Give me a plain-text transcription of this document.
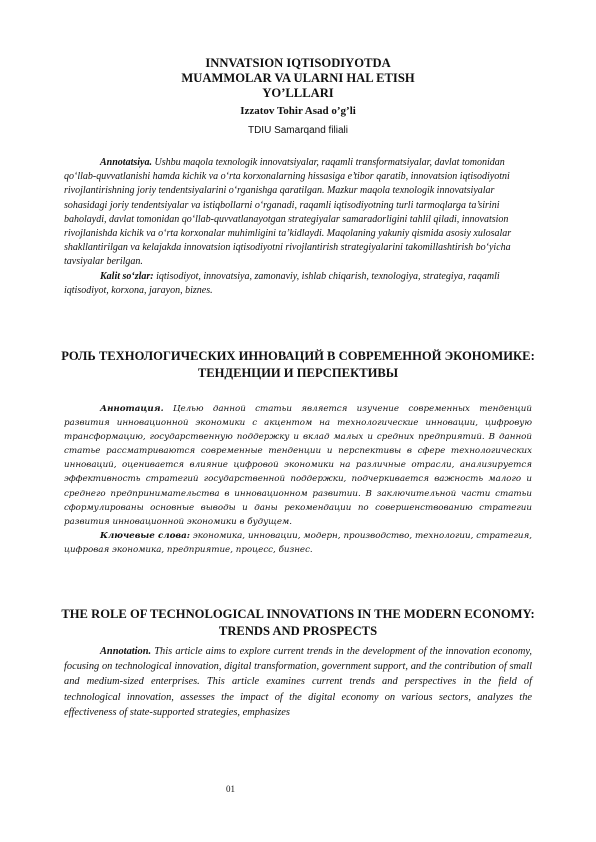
INNVATSION IQTISODIYOTDA
MUAMMOLAR VA ULARNI HAL ETISH
YO’LLLARI
Izzatov Tohir Asad o’g’li
TDIU Samarqand filiali

Annotatsiya. Ushbu maqola texnologik innovatsiyalar, raqamli transformatsiyalar, davlat tomonidan qo‘llab-quvvatlanishi hamda kichik va o‘rta korxonalarning hissasiga e’tibor qaratib, innovatsion iqtisodiyotni rivojlantirishning joriy tendentsiyalarini o‘rganishga qaratilgan. Mazkur maqola texnologik innovatsiyalar sohasidagi joriy tendentsiyalar va istiqbollarni o‘rganadi, raqamli iqtisodiyotning turli tarmoqlarga ta’sirini baholaydi, davlat tomonidan qo‘llab-quvvatlanayotgan strategiyalar samaradorligini tahlil qiladi, innovatsion rivojlanishda kichik va o‘rta korxonalar muhimligini ta’kidlaydi. Maqolaning yakuniy qismida asosiy xulosalar shakllantirilgan va kelajakda innovatsion iqtisodiyotni rivojlantirish strategiyalarini takomillashtirish bo‘yicha tavsiyalar berilgan.

Kalit so‘zlar: iqtisodiyot, innovatsiya, zamonaviy, ishlab chiqarish, texnologiya, strategiya, raqamli iqtisodiyot, korxona, jarayon, biznes.

РОЛЬ ТЕХНОЛОГИЧЕСКИХ ИННОВАЦИЙ В СОВРЕМЕННОЙ ЭКОНОМИКЕ: ТЕНДЕНЦИИ И ПЕРСПЕКТИВЫ

Аннотация. Целью данной статьи является изучение современных тенденций развития инновационной экономики с акцентом на технологические инновации, цифровую трансформацию, государственную поддержку и вклад малых и средних предприятий. В данной статье рассматриваются современные тенденции и перспективы в сфере технологических инноваций, оценивается влияние цифровой экономики на различные отрасли, анализируется эффективность стратегий государственной поддержки, подчеркивается важность малого и среднего предпринимательства в инновационном развитии. В заключительной части статьи сформулированы основные выводы и даны рекомендации по совершенствованию стратегии развития инновационной экономики в будущем.

Ключевые слова: экономика, инновации, модерн, производство, технологии, стратегия, цифровая экономика, предприятие, процесс, бизнес.

THE ROLE OF TECHNOLOGICAL INNOVATIONS IN THE MODERN ECONOMY: TRENDS AND PROSPECTS

Annotation. This article aims to explore current trends in the development of the innovation economy, focusing on technological innovation, digital transformation, government support, and the contribution of small and medium-sized enterprises. This article examines current trends and perspectives in the field of technological innovation, assesses the impact of the digital economy on various sectors, analyzes the effectiveness of state-supported strategies, emphasizes

01
